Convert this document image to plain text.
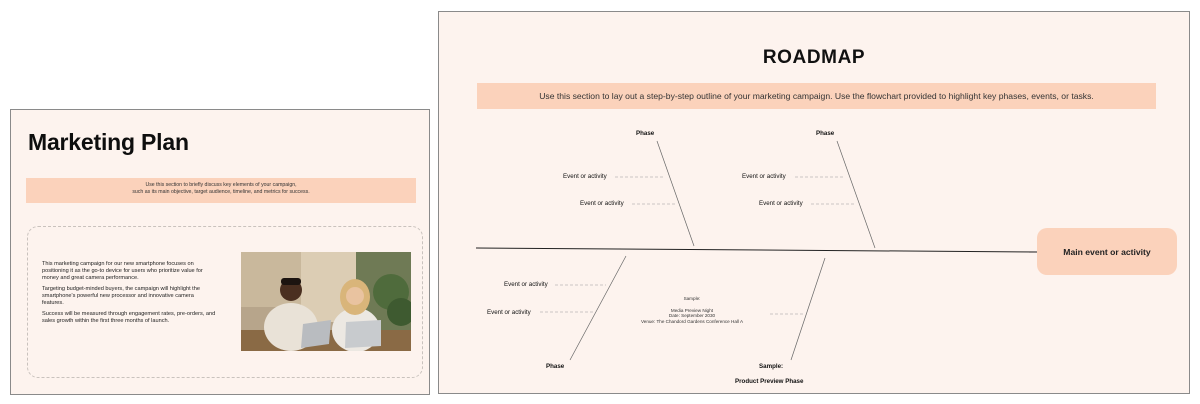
Marketing Plan
Use this section to briefly discuss key elements of your campaign,
such as its main objective, target audience, timeline, and metrics for success.

This marketing campaign for our new smartphone focuses on positioning it as the go-to device for users who prioritize value for money and great camera performance.

Targeting budget-minded buyers, the campaign will highlight the smartphone's powerful new processor and innovative camera features.

Success will be measured through engagement rates, pre-orders, and sales growth within the first three months of launch.

ROADMAP
Use this section to lay out a step-by-step outline of your marketing campaign. Use the flowchart provided to highlight key phases, events, or tasks.
Phase	Phase
Event or activity
Event or activity
Event or activity
Event or activity
Event or activity
Event or activity
Phase
Sample:
Media Preview Night
Date: September 2030
Venue: The Chandord Gardens Conference Hall A
Sample:
Product Preview Phase
Main event or activity
